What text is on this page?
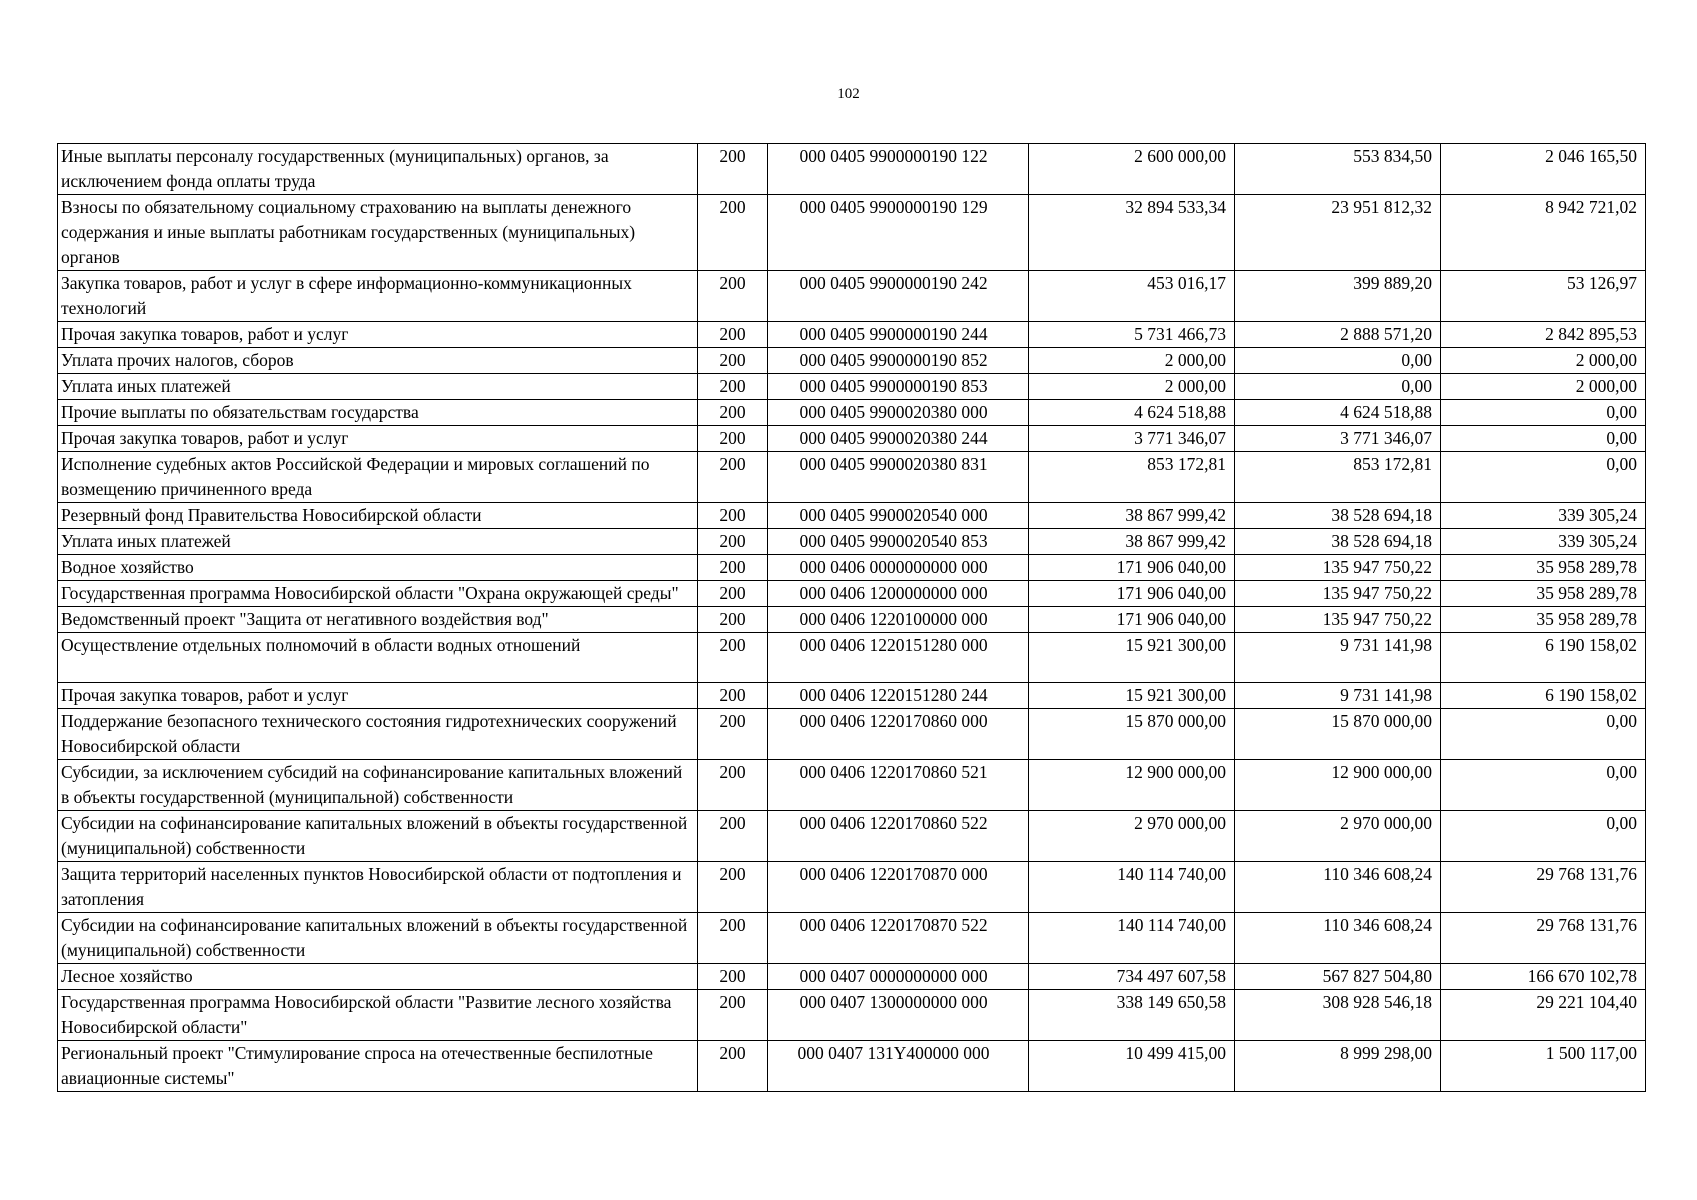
102
Иные выплаты персоналу государственных (муниципальных) органов, за исключением фонда оплаты труда	200	000 0405 9900000190 122	2 600 000,00	553 834,50	2 046 165,50
Взносы по обязательному социальному страхованию на выплаты денежного содержания и иные выплаты работникам государственных (муниципальных) органов	200	000 0405 9900000190 129	32 894 533,34	23 951 812,32	8 942 721,02
Закупка товаров, работ и услуг в сфере информационно-коммуникационных технологий	200	000 0405 9900000190 242	453 016,17	399 889,20	53 126,97
Прочая закупка товаров, работ и услуг	200	000 0405 9900000190 244	5 731 466,73	2 888 571,20	2 842 895,53
Уплата прочих налогов, сборов	200	000 0405 9900000190 852	2 000,00	0,00	2 000,00
Уплата иных платежей	200	000 0405 9900000190 853	2 000,00	0,00	2 000,00
Прочие выплаты по обязательствам государства	200	000 0405 9900020380 000	4 624 518,88	4 624 518,88	0,00
Прочая закупка товаров, работ и услуг	200	000 0405 9900020380 244	3 771 346,07	3 771 346,07	0,00
Исполнение судебных актов Российской Федерации и мировых соглашений по возмещению причиненного вреда	200	000 0405 9900020380 831	853 172,81	853 172,81	0,00
Резервный фонд Правительства Новосибирской области	200	000 0405 9900020540 000	38 867 999,42	38 528 694,18	339 305,24
Уплата иных платежей	200	000 0405 9900020540 853	38 867 999,42	38 528 694,18	339 305,24
Водное хозяйство	200	000 0406 0000000000 000	171 906 040,00	135 947 750,22	35 958 289,78
Государственная программа Новосибирской области "Охрана окружающей среды"	200	000 0406 1200000000 000	171 906 040,00	135 947 750,22	35 958 289,78
Ведомственный проект "Защита от негативного воздействия вод"	200	000 0406 1220100000 000	171 906 040,00	135 947 750,22	35 958 289,78
Осуществление отдельных полномочий в области водных отношений	200	000 0406 1220151280 000	15 921 300,00	9 731 141,98	6 190 158,02
Прочая закупка товаров, работ и услуг	200	000 0406 1220151280 244	15 921 300,00	9 731 141,98	6 190 158,02
Поддержание безопасного технического состояния гидротехнических сооружений Новосибирской области	200	000 0406 1220170860 000	15 870 000,00	15 870 000,00	0,00
Субсидии, за исключением субсидий на софинансирование капитальных вложений в объекты государственной (муниципальной) собственности	200	000 0406 1220170860 521	12 900 000,00	12 900 000,00	0,00
Субсидии на софинансирование капитальных вложений в объекты государственной (муниципальной) собственности	200	000 0406 1220170860 522	2 970 000,00	2 970 000,00	0,00
Защита территорий населенных пунктов Новосибирской области от подтопления и затопления	200	000 0406 1220170870 000	140 114 740,00	110 346 608,24	29 768 131,76
Субсидии на софинансирование капитальных вложений в объекты государственной (муниципальной) собственности	200	000 0406 1220170870 522	140 114 740,00	110 346 608,24	29 768 131,76
Лесное хозяйство	200	000 0407 0000000000 000	734 497 607,58	567 827 504,80	166 670 102,78
Государственная программа Новосибирской области "Развитие лесного хозяйства Новосибирской области"	200	000 0407 1300000000 000	338 149 650,58	308 928 546,18	29 221 104,40
Региональный проект "Стимулирование спроса на отечественные беспилотные авиационные системы"	200	000 0407 131Y400000 000	10 499 415,00	8 999 298,00	1 500 117,00
